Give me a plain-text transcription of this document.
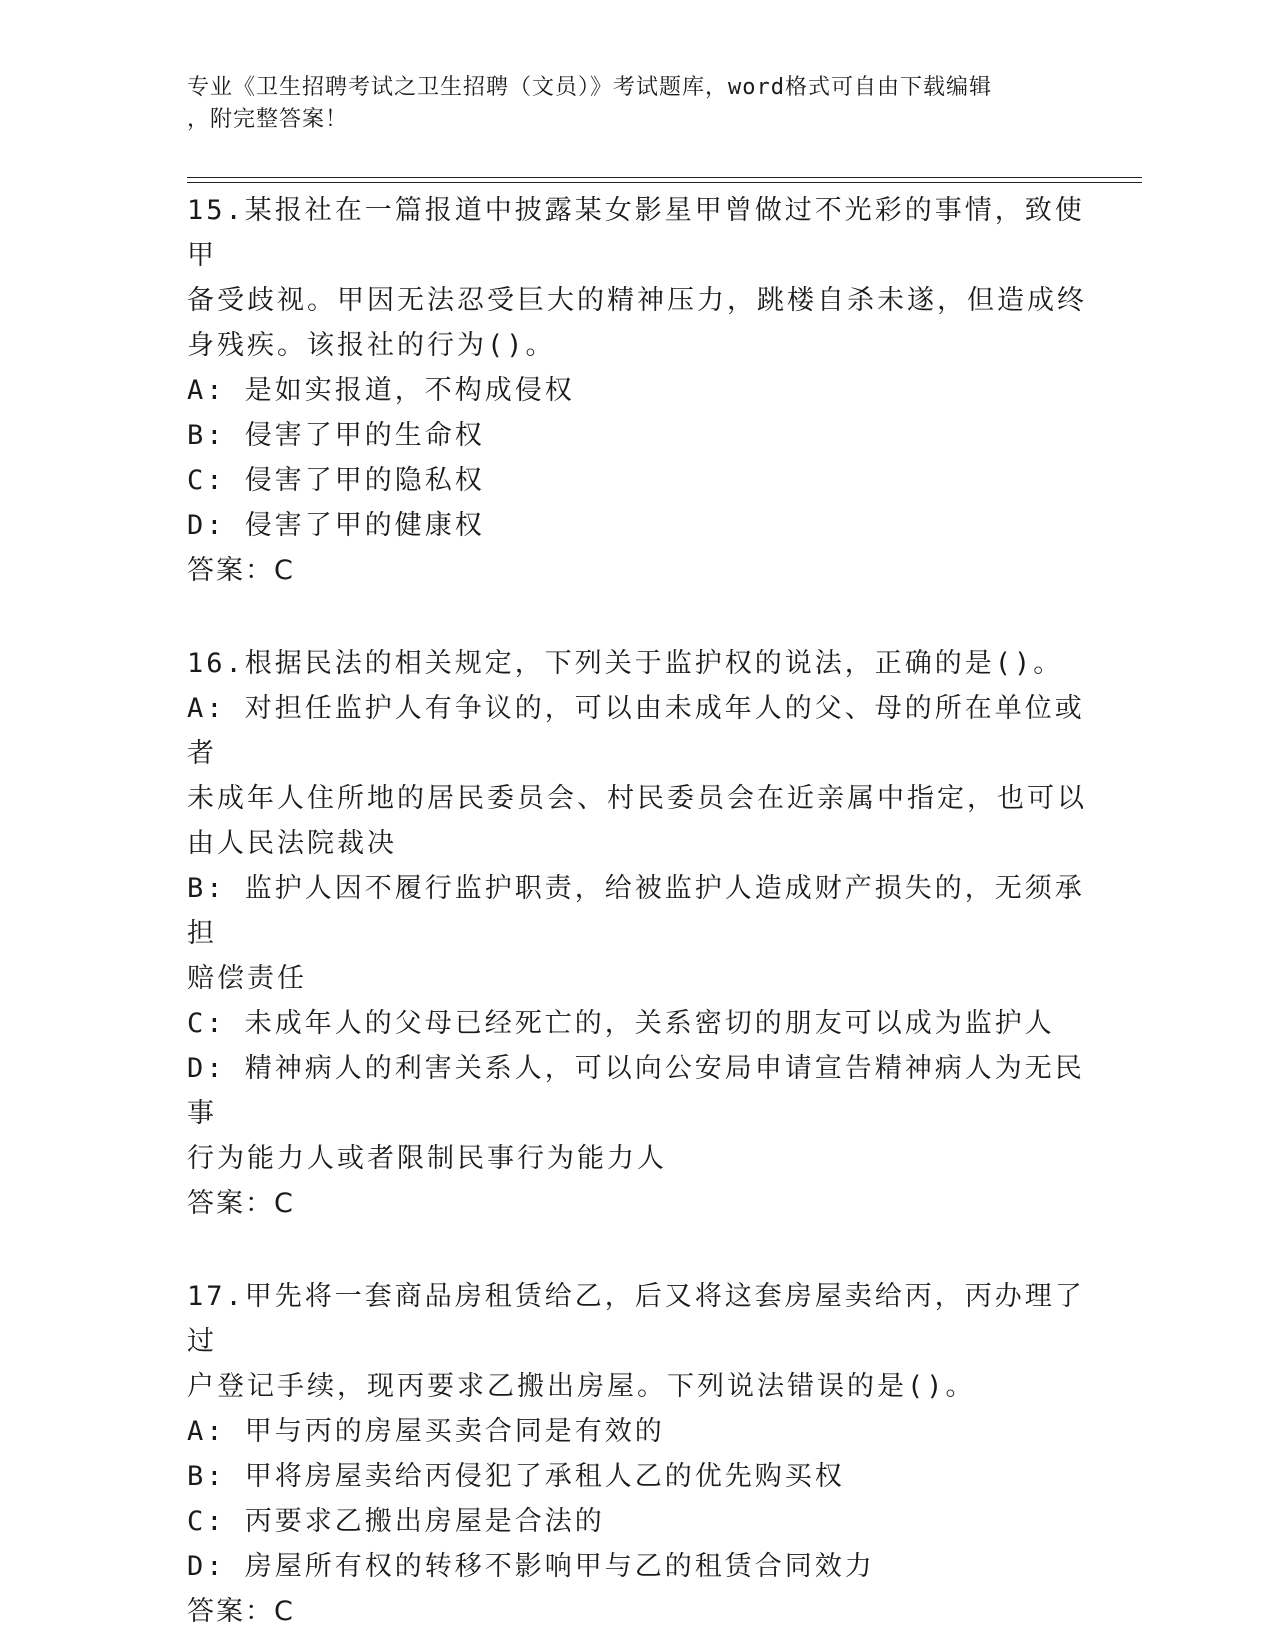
专业《卫生招聘考试之卫生招聘（文员）》考试题库，word格式可自由下载编辑
，附完整答案！
15.某报社在一篇报道中披露某女影星甲曾做过不光彩的事情，致使甲
备受歧视。甲因无法忍受巨大的精神压力，跳楼自杀未遂，但造成终
身残疾。该报社的行为()。
A: 是如实报道，不构成侵权
B: 侵害了甲的生命权
C: 侵害了甲的隐私权
D: 侵害了甲的健康权
答案：C
16.根据民法的相关规定，下列关于监护权的说法，正确的是()。
A: 对担任监护人有争议的，可以由未成年人的父、母的所在单位或者
未成年人住所地的居民委员会、村民委员会在近亲属中指定，也可以
由人民法院裁决
B: 监护人因不履行监护职责，给被监护人造成财产损失的，无须承担
赔偿责任
C: 未成年人的父母已经死亡的，关系密切的朋友可以成为监护人
D: 精神病人的利害关系人，可以向公安局申请宣告精神病人为无民事
行为能力人或者限制民事行为能力人
答案：C
17.甲先将一套商品房租赁给乙，后又将这套房屋卖给丙，丙办理了过
户登记手续，现丙要求乙搬出房屋。下列说法错误的是()。
A: 甲与丙的房屋买卖合同是有效的
B: 甲将房屋卖给丙侵犯了承租人乙的优先购买权
C: 丙要求乙搬出房屋是合法的
D: 房屋所有权的转移不影响甲与乙的租赁合同效力
答案：C
